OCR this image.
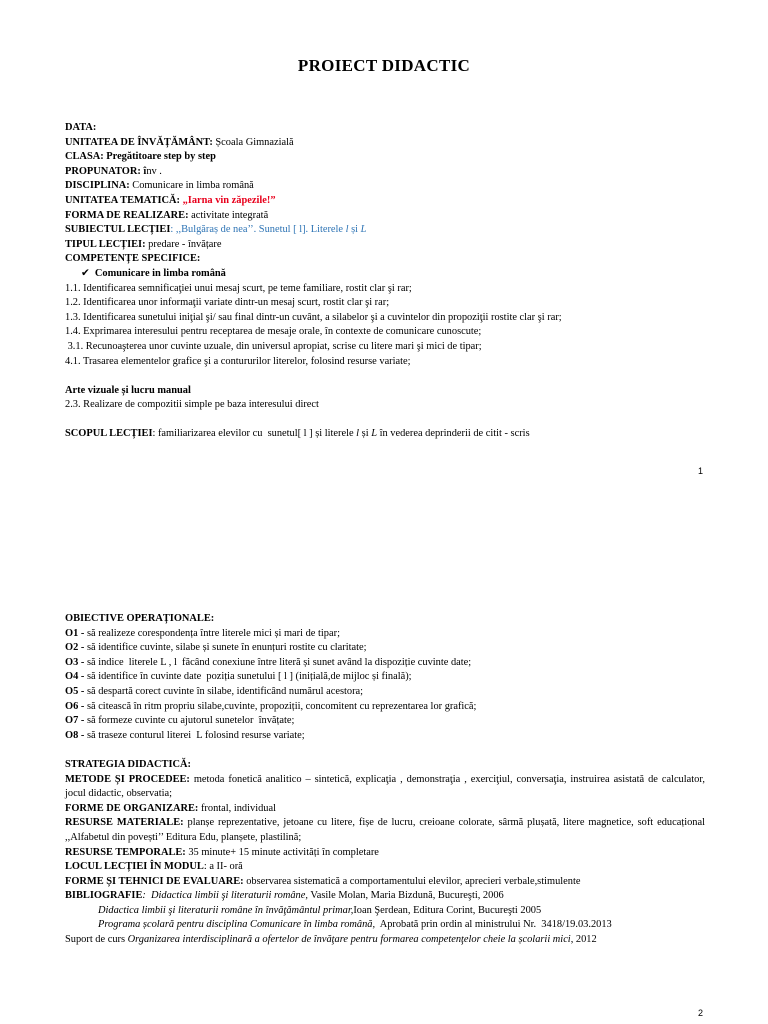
PROIECT DIDACTIC

DATA:

UNITATEA DE ÎNVĂȚĂMÂNT: Școala Gimnazială

CLASA: Pregătitoare step by step

PROPUNATOR: înv .

DISCIPLINA: Comunicare in limba română

UNITATEA TEMATICĂ: „Iarna vin zăpezile!”

FORMA DE REALIZARE: activitate integrată

SUBIECTUL LECȚIEI: ,,Bulgăraș de nea’’. Sunetul [ l]. Literele l și L

TIPUL LECȚIEI: predare - învățare

COMPETENȚE SPECIFICE:

✔ Comunicare in limba română

1.1. Identificarea semnificaţiei unui mesaj scurt, pe teme familiare, rostit clar şi rar;

1.2. Identificarea unor informaţii variate dintr-un mesaj scurt, rostit clar şi rar;

1.3. Identificarea sunetului iniţial şi/ sau final dintr-un cuvânt, a silabelor şi a cuvintelor din propoziţii rostite clar şi rar;

1.4. Exprimarea interesului pentru receptarea de mesaje orale, în contexte de comunicare cunoscute;

3.1. Recunoaşterea unor cuvinte uzuale, din universul apropiat, scrise cu litere mari şi mici de tipar;

4.1. Trasarea elementelor grafice şi a contururilor literelor, folosind resurse variate;

Arte vizuale și lucru manual

2.3. Realizare de compozitii simple pe baza interesului direct

SCOPUL LECȚIEI: familiarizarea elevilor cu  sunetul[ l ] și literele l și L în vederea deprinderii de citit - scris

1

OBIECTIVE OPERAȚIONALE:

O1 - să realizeze corespondența între literele mici și mari de tipar;

O2 - să identifice cuvinte, silabe și sunete în enunțuri rostite cu claritate;

O3 - să indice  literele L , l  făcând conexiune între literă și sunet având la dispoziție cuvinte date;

O4 - să identifice în cuvinte date  poziția sunetului [ l ] (inițială,de mijloc și finală);

O5 - să despartă corect cuvinte în silabe, identificând numărul acestora;

O6 - să citească în ritm propriu silabe,cuvinte, propoziții, concomitent cu reprezentarea lor grafică;

O7 - să formeze cuvinte cu ajutorul sunetelor  învățate;

O8 - să traseze conturul literei  L folosind resurse variate;

STRATEGIA DIDACTICĂ:

METODE ȘI PROCEDEE: metoda fonetică analitico – sintetică, explicaţia , demonstraţia , exerciţiul, conversaţia, instruirea asistată de calculator, jocul didactic, observatia;

FORME DE ORGANIZARE: frontal, individual

RESURSE MATERIALE: planșe reprezentative, jetoane cu litere, fișe de lucru, creioane colorate, sârmă plușată, litere magnetice, soft educațional ,,Alfabetul din povești’’ Editura Edu, planșete, plastilină;

RESURSE TEMPORALE: 35 minute+ 15 minute activități în completare

LOCUL LECȚIEI ÎN MODUL: a II- oră

FORME ȘI TEHNICI DE EVALUARE: observarea sistematică a comportamentului elevilor, aprecieri verbale,stimulente

BIBLIOGRAFIE:  Didactica limbii şi literaturii române, Vasile Molan, Maria Bizdună, Bucureşti, 2006

Didactica limbii şi literaturii române în învăţământul primar,Ioan Şerdean, Editura Corint, Bucureşti 2005

Programa școlară pentru disciplina Comunicare în limba română,  Aprobată prin ordin al ministrului Nr.  3418/19.03.2013

Suport de curs Organizarea interdisciplinară a ofertelor de învăţare pentru formarea competenţelor cheie la școlarii mici, 2012

2
